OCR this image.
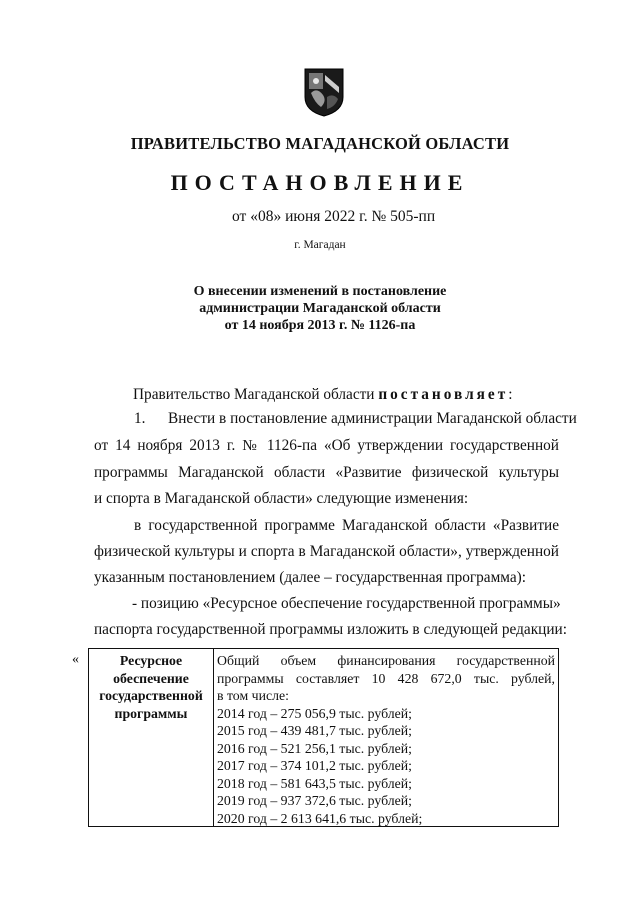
ПРАВИТЕЛЬСТВО МАГАДАНСКОЙ ОБЛАСТИ
ПОСТАНОВЛЕНИЕ
от «08» июня 2022 г. № 505-пп
г. Магадан
О внесении изменений в постановление
администрации Магаданской области
от 14 ноября 2013 г. № 1126-па
Правительство Магаданской области постановляет:
1. Внести в постановление администрации Магаданской области
от 14 ноября 2013 г. № 1126-па «Об утверждении государственной
программы Магаданской области «Развитие физической культуры
и спорта в Магаданской области» следующие изменения:
в государственной программе Магаданской области «Развитие
физической культуры и спорта в Магаданской области», утвержденной
указанным постановлением (далее – государственная программа):
- позицию «Ресурсное обеспечение государственной программы»
паспорта государственной программы изложить в следующей редакции:
«	Ресурсное
обеспечение
государственной
программы
Общий объем финансирования государственной
программы составляет 10 428 672,0 тыс. рублей,
в том числе:
2014 год – 275 056,9 тыс. рублей;
2015 год – 439 481,7 тыс. рублей;
2016 год – 521 256,1 тыс. рублей;
2017 год – 374 101,2 тыс. рублей;
2018 год – 581 643,5 тыс. рублей;
2019 год – 937 372,6 тыс. рублей;
2020 год – 2 613 641,6 тыс. рублей;
